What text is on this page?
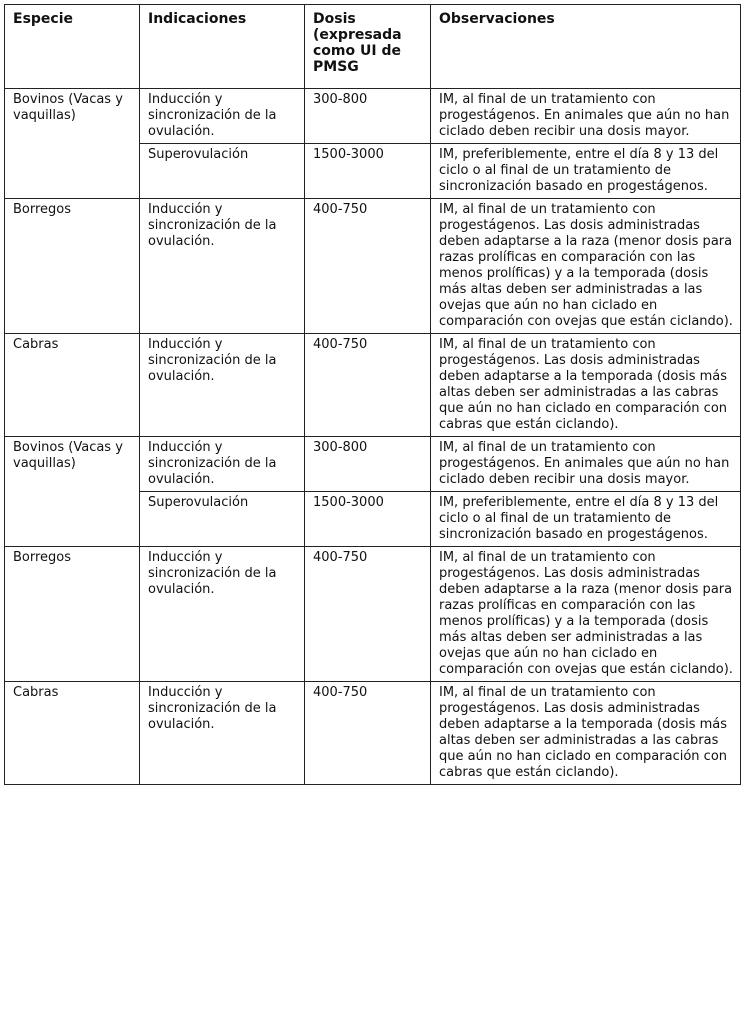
Especie	Indicaciones	Dosis (expresada como UI de PMSG	Observaciones
Bovinos (Vacas y vaquillas)	Inducción y sincronización de la ovulación.	300-800	IM, al final de un tratamiento con progestágenos. En animales que aún no han ciclado deben recibir una dosis mayor.
	Superovulación	1500-3000	IM, preferiblemente, entre el día 8 y 13 del ciclo o al final de un tratamiento de sincronización basado en progestágenos.
Borregos	Inducción y sincronización de la ovulación.	400-750	IM, al final de un tratamiento con progestágenos. Las dosis administradas deben adaptarse a la raza (menor dosis para razas prolíficas en comparación con las menos prolíficas) y a la temporada (dosis más altas deben ser administradas a las ovejas que aún no han ciclado en comparación con ovejas que están ciclando).
Cabras	Inducción y sincronización de la ovulación.	400-750	IM, al final de un tratamiento con progestágenos. Las dosis administradas deben adaptarse a la temporada (dosis más altas deben ser administradas a las cabras que aún no han ciclado en comparación con cabras que están ciclando).
Bovinos (Vacas y vaquillas)	Inducción y sincronización de la ovulación.	300-800	IM, al final de un tratamiento con progestágenos. En animales que aún no han ciclado deben recibir una dosis mayor.
	Superovulación	1500-3000	IM, preferiblemente, entre el día 8 y 13 del ciclo o al final de un tratamiento de sincronización basado en progestágenos.
Borregos	Inducción y sincronización de la ovulación.	400-750	IM, al final de un tratamiento con progestágenos. Las dosis administradas deben adaptarse a la raza (menor dosis para razas prolíficas en comparación con las menos prolíficas) y a la temporada (dosis más altas deben ser administradas a las ovejas que aún no han ciclado en comparación con ovejas que están ciclando).
Cabras	Inducción y sincronización de la ovulación.	400-750	IM, al final de un tratamiento con progestágenos. Las dosis administradas deben adaptarse a la temporada (dosis más altas deben ser administradas a las cabras que aún no han ciclado en comparación con cabras que están ciclando).
